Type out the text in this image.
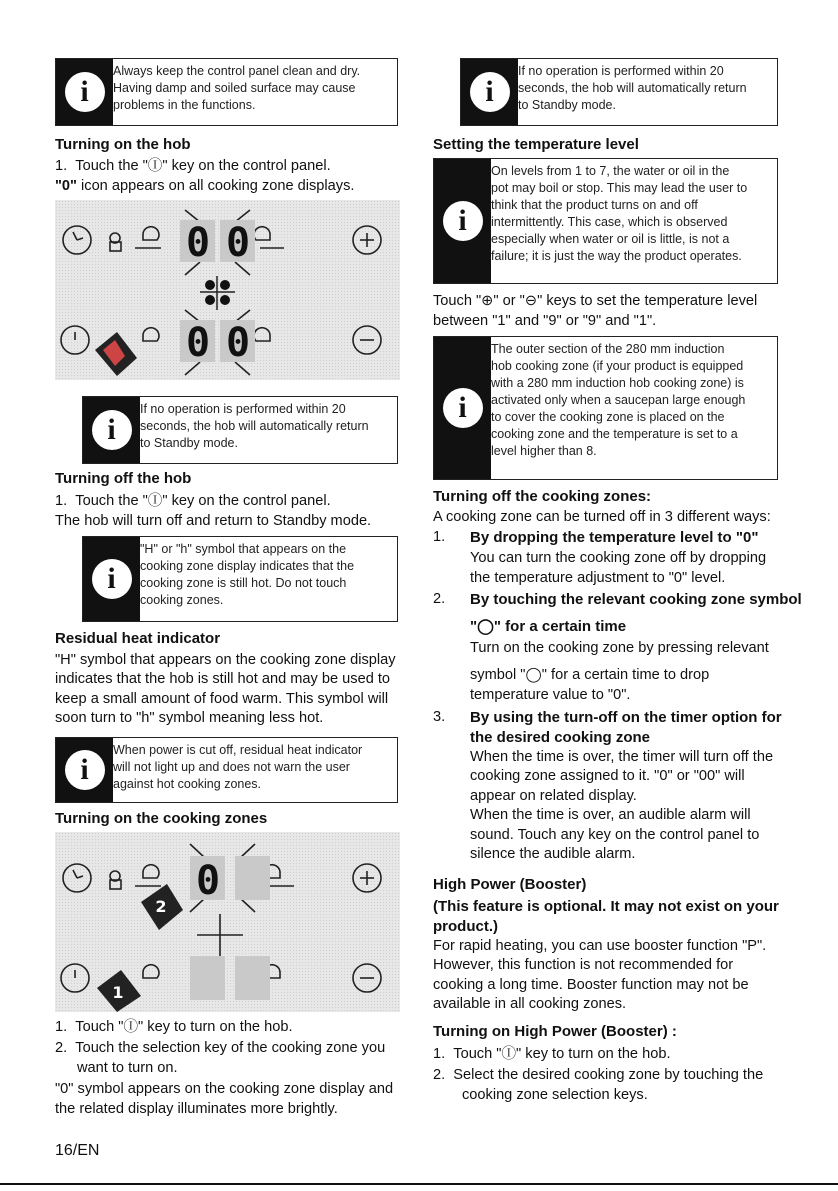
i
Always keep the control panel clean and dry.
Having damp and soiled surface may cause
problems in the functions.
Turning on the hob
1.  Touch the "Ⓘ" key on the control panel.
"0" icon appears on all cooking zone displays.
0 0
0 0
i
If no operation is performed within 20
seconds, the hob will automatically return
to Standby mode.
Turning off the hob
1.  Touch the "Ⓘ" key on the control panel.
The hob will turn off and return to Standby mode.
i
"H" or "h" symbol that appears on the
cooking zone display indicates that the
cooking zone is still hot. Do not touch
cooking zones.
Residual heat indicator
"H" symbol that appears on the cooking zone display
indicates that the hob is still hot and may be used to
keep a small amount of food warm. This symbol will
soon turn to "h" symbol meaning less hot.
i
When power is cut off, residual heat indicator
will not light up and does not warn the user
against hot cooking zones.
Turning on the cooking zones
0
2
1
1.  Touch "Ⓘ" key to turn on the hob.
2.  Touch the selection key of the cooking zone you
want to turn on.
"0" symbol appears on the cooking zone display and
the related display illuminates more brightly.
i
If no operation is performed within 20
seconds, the hob will automatically return
to Standby mode.
Setting the temperature level
i
On levels from 1 to 7, the water or oil in the
pot may boil or stop. This may lead the user to
think that the product turns on and off
intermittently. This case, which is observed
especially when water or oil is little, is not a
failure; it is just the way the product operates.
Touch "⊕" or "⊖" keys to set the temperature level
between "1" and "9" or "9" and "1".
i
The outer section of the 280 mm induction
hob cooking zone (if your product is equipped
with a 280 mm induction hob cooking zone) is
activated only when a saucepan large enough
to cover the cooking zone is placed on the
cooking zone and the temperature is set to a
level higher than 8.
Turning off the cooking zones:
A cooking zone can be turned off in 3 different ways:
1. By dropping the temperature level to "0"
You can turn the cooking zone off by dropping
the temperature adjustment to "0" level.
2. By touching the relevant cooking zone symbol
"◯" for a certain time
Turn on the cooking zone by pressing relevant
symbol "◯" for a certain time to drop
temperature value to "0".
3. By using the turn-off on the timer option for
the desired cooking zone
When the time is over, the timer will turn off the
cooking zone assigned to it. "0" or "00" will
appear on related display.
When the time is over, an audible alarm will
sound. Touch any key on the control panel to
silence the audible alarm.
High Power (Booster)
(This feature is optional. It may not exist on your
product.)
For rapid heating, you can use booster function "P".
However, this function is not recommended for
cooking a long time. Booster function may not be
available in all cooking zones.
Turning on High Power (Booster) :
1.  Touch "Ⓘ" key to turn on the hob.
2.  Select the desired cooking zone by touching the
cooking zone selection keys.
16/EN
